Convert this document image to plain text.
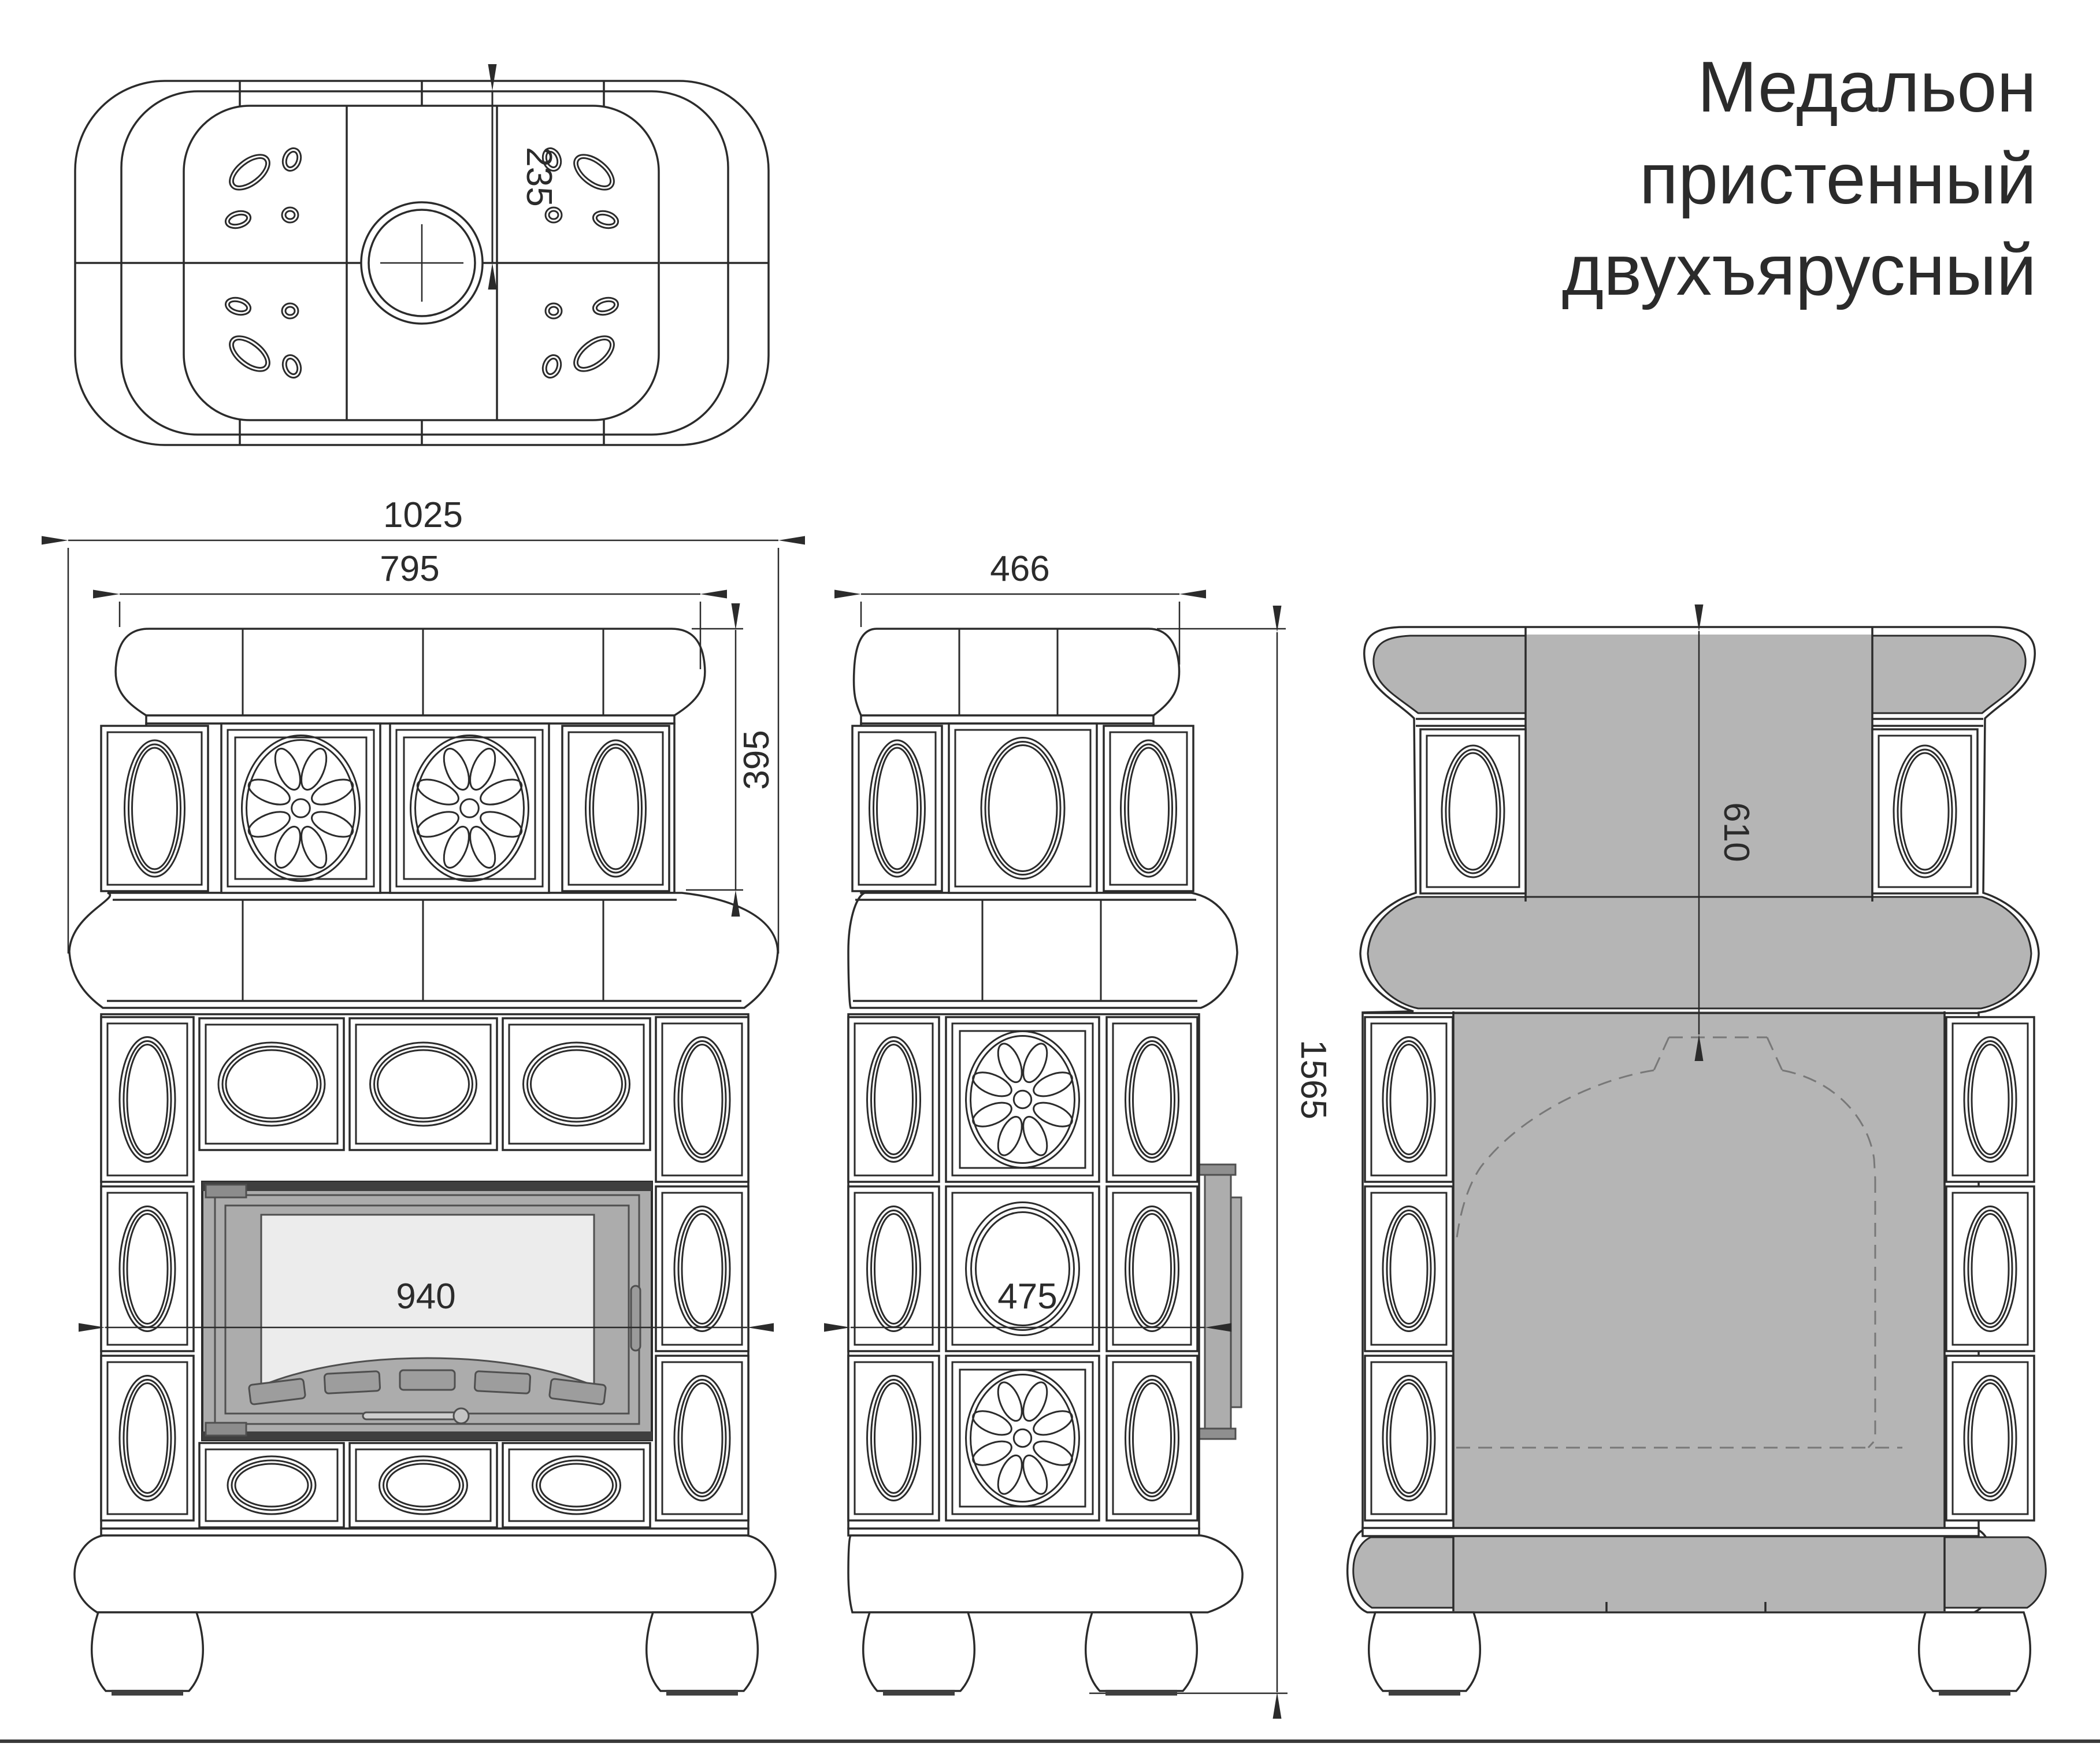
Медальон
пристенный
двухъярусный
235
1025
795
395
940
466
475
1565
610
